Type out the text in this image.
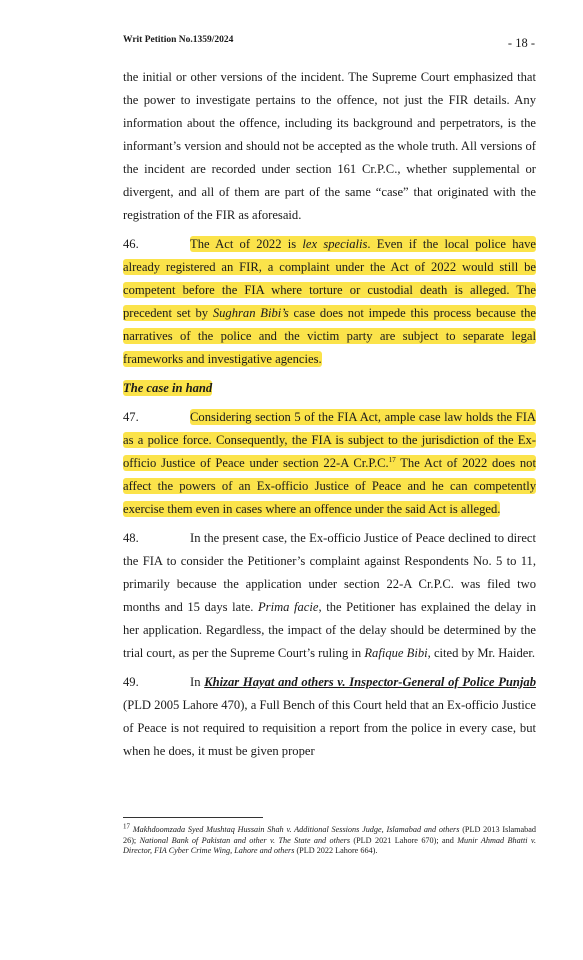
Writ Petition No.1359/2024	- 18 -

the initial or other versions of the incident. The Supreme Court emphasized that the power to investigate pertains to the offence, not just the FIR details. Any information about the offence, including its background and perpetrators, is the informant’s version and should not be accepted as the whole truth. All versions of the incident are recorded under section 161 Cr.P.C., whether supplemental or divergent, and all of them are part of the same “case” that originated with the registration of the FIR as aforesaid.

46.	The Act of 2022 is lex specialis. Even if the local police have already registered an FIR, a complaint under the Act of 2022 would still be competent before the FIA where torture or custodial death is alleged. The precedent set by Sughran Bibi’s case does not impede this process because the narratives of the police and the victim party are subject to separate legal frameworks and investigative agencies.

The case in hand

47.	Considering section 5 of the FIA Act, ample case law holds the FIA as a police force. Consequently, the FIA is subject to the jurisdiction of the Ex-officio Justice of Peace under section 22-A Cr.P.C.$^{17}$ The Act of 2022 does not affect the powers of an Ex-officio Justice of Peace and he can competently exercise them even in cases where an offence under the said Act is alleged.

48.	In the present case, the Ex-officio Justice of Peace declined to direct the FIA to consider the Petitioner’s complaint against Respondents No. 5 to 11, primarily because the application under section 22-A Cr.P.C. was filed two months and 15 days late. Prima facie, the Petitioner has explained the delay in her application. Regardless, the impact of the delay should be determined by the trial court, as per the Supreme Court’s ruling in Rafique Bibi, cited by Mr. Haider.

49.	In Khizar Hayat and others v. Inspector-General of Police Punjab (PLD 2005 Lahore 470), a Full Bench of this Court held that an Ex-officio Justice of Peace is not required to requisition a report from the police in every case, but when he does, it must be given proper

$^{17}$ Makhdoomzada Syed Mushtaq Hussain Shah v. Additional Sessions Judge, Islamabad and others (PLD 2013 Islamabad 26); National Bank of Pakistan and other v. The State and others (PLD 2021 Lahore 670); and Munir Ahmad Bhatti v. Director, FIA Cyber Crime Wing, Lahore and others (PLD 2022 Lahore 664).
